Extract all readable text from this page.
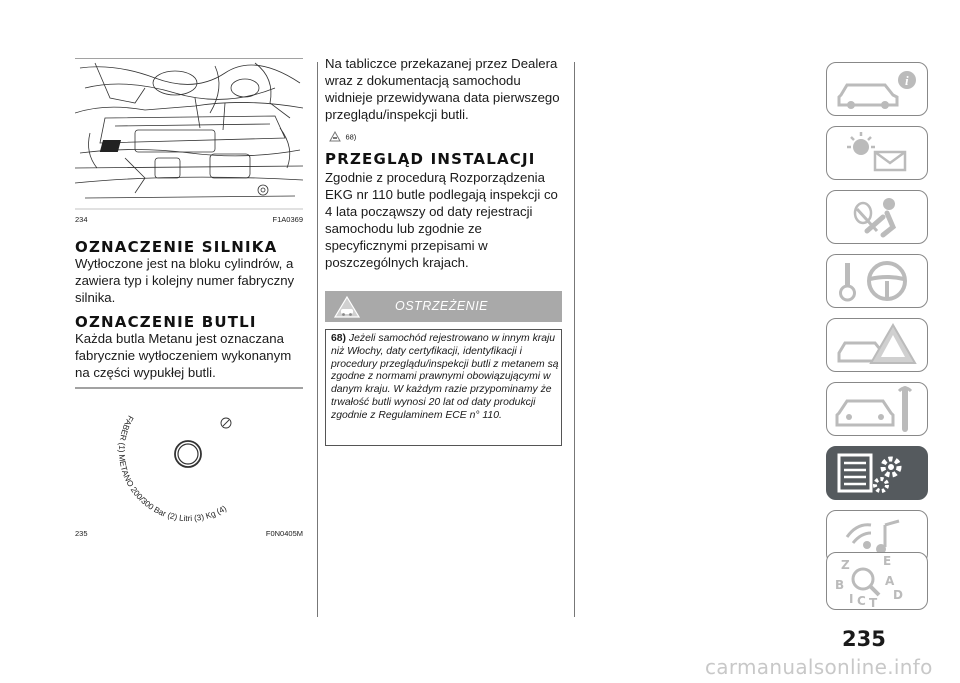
234	F1A0369
OZNACZENIE SILNIKA
Wytłoczone jest na bloku cylindrów, a zawiera typ i kolejny numer fabryczny silnika.
OZNACZENIE BUTLI
Każda butla Metanu jest oznaczana fabrycznie wytłoczeniem wykonanym na części wypukłej butli.
FABER (1) METANO 200/300 Bar (2) Litri (3) Kg (4)
235	F0N0405M
Na tabliczce przekazanej przez Dealera wraz z dokumentacją samochodu widnieje przewidywana data pierwszego przeglądu/inspekcji butli.
68)
PRZEGLĄD INSTALACJI
Zgodnie z procedurą Rozporządzenia EKG nr 110 butle podlegają inspekcji co 4 lata począwszy od daty rejestracji samochodu lub zgodnie ze specyficznymi przepisami w poszczególnych krajach.
OSTRZEŻENIE
68) Jeżeli samochód rejestrowano w innym kraju niż Włochy, daty certyfikacji, identyfikacji i procedury przeglądu/inspekcji butli z metanem są zgodne z normami prawnymi obowiązującymi w danym kraju. W każdym razie przypominamy że trwałość butli wynosi 20 lat od daty produkcji zgodnie z Regulaminem ECE n° 110.
i
Z	E
B	A
D
I C T
235
carmanualsonline.info
